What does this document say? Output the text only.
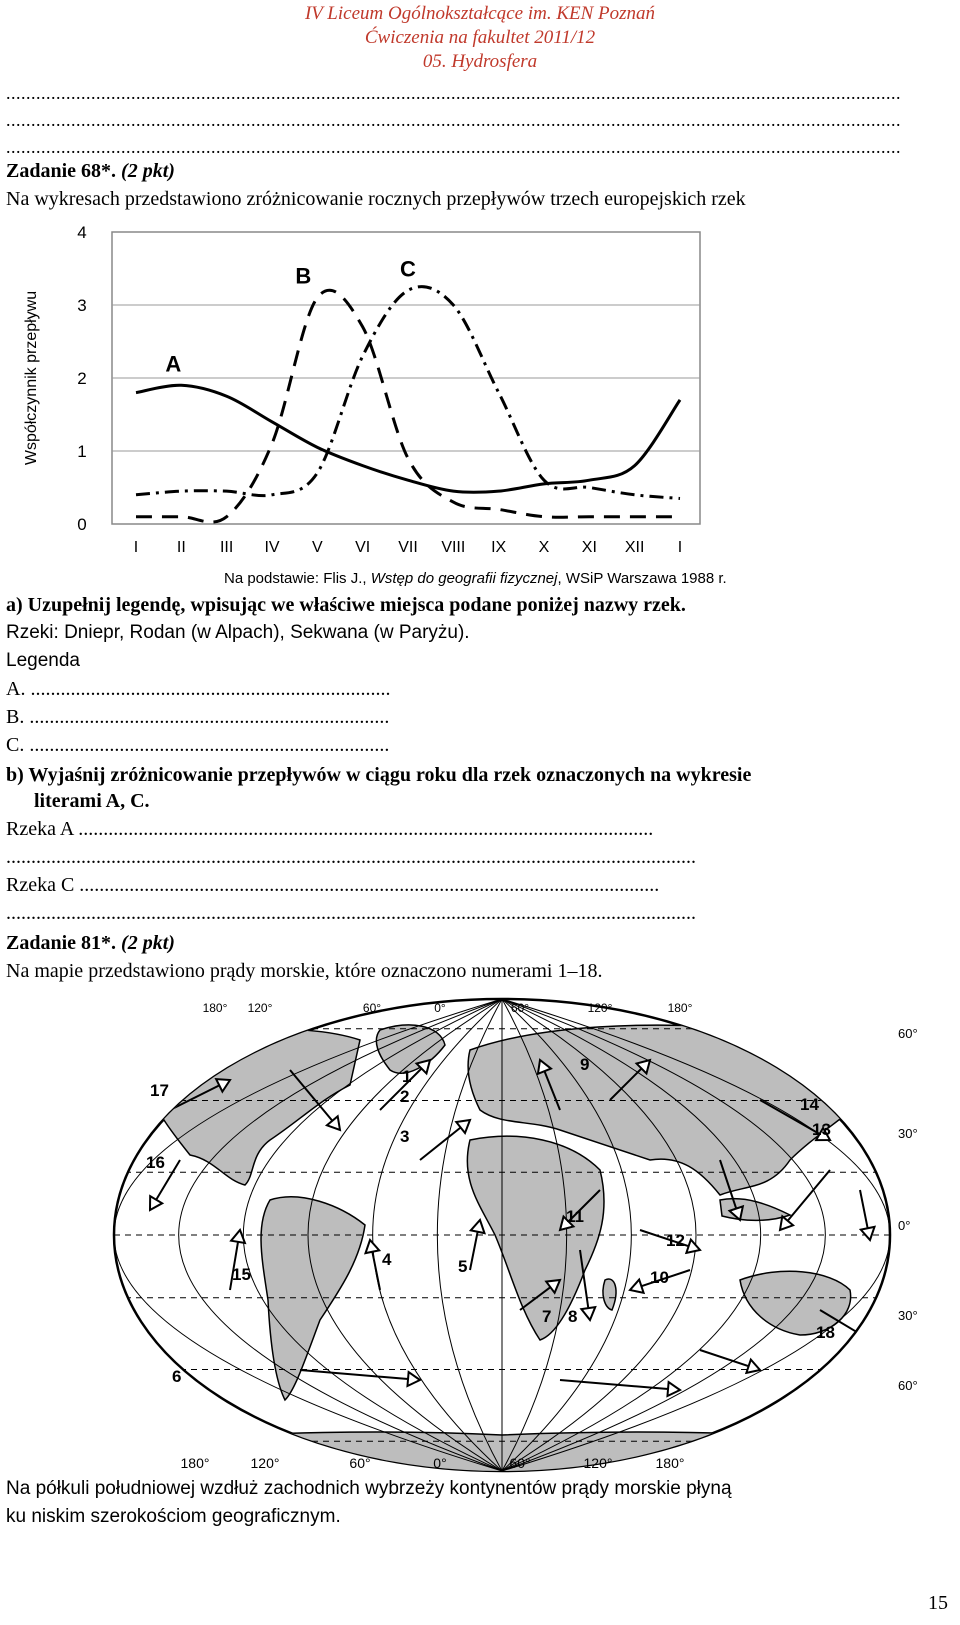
IV Liceum Ogólnokształcące im. KEN Poznań
Ćwiczenia na fakultet 2011/12
05. Hydrosfera
...................................................................................................................................................................................
...................................................................................................................................................................................
...................................................................................................................................................................................
Zadanie 68*. (2 pkt)
Na wykresach przedstawiono zróżnicowanie rocznych przepływów trzech europejskich rzek
0
1
2
3
4
I II III IV V VI VII VIII IX X XI XII I
Współczynnik przepływu	A
B	C
Na podstawie: Flis J., Wstęp do geografii fizycznej, WSiP Warszawa 1988 r.
a) Uzupełnij legendę, wpisując we właściwe miejsca podane poniżej nazwy rzek.
Rzeki: Dniepr, Rodan (w Alpach), Sekwana (w Paryżu).
Legenda
A. ........................................................................
B. ........................................................................
C. ........................................................................
b) Wyjaśnij zróżnicowanie przepływów w ciągu roku dla rzek oznaczonych na wykresie
literami A, C.
Rzeka A ...................................................................................................................
..........................................................................................................................................
Rzeka C ....................................................................................................................
..........................................................................................................................................
Zadanie 81*. (2 pkt)
Na mapie przedstawiono prądy morskie, które oznaczono numerami 1–18.
180° 120°	60°	0°	60°	120°	180°
180°	120°	60°	0°	60°	120°	180°
60°
30°
0°
30°
60°
1
2
3
4	5
6
7 8
9
10
11
12
13
14
15
16
17
18
Na półkuli południowej wzdłuż zachodnich wybrzeży kontynentów prądy morskie płyną
ku niskim szerokościom geograficznym.
15
